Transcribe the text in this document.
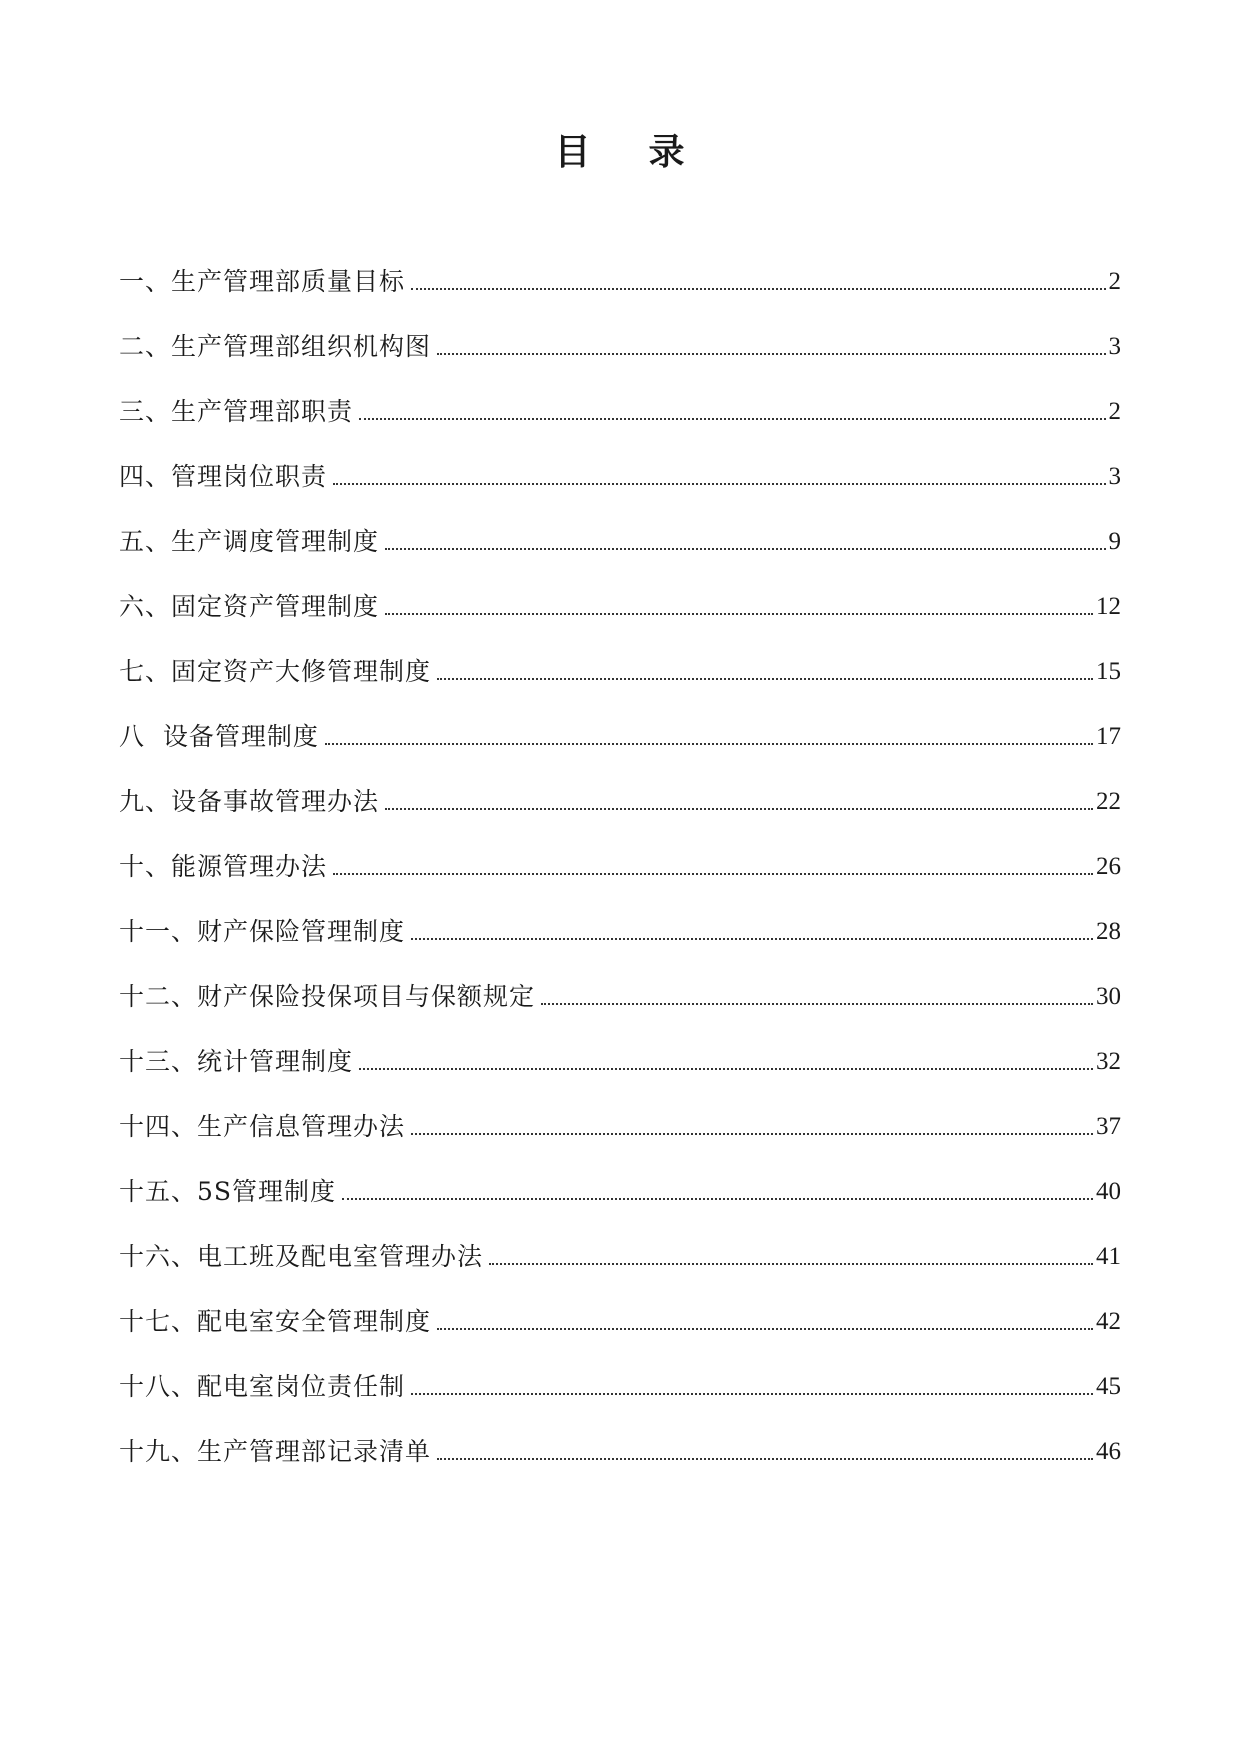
目 录
一、生产管理部质量目标	2
二、生产管理部组织机构图	3
三、生产管理部职责	2
四、管理岗位职责	3
五、生产调度管理制度	9
六、固定资产管理制度	12
七、固定资产大修管理制度	15
八  设备管理制度	17
九、设备事故管理办法	22
十、能源管理办法	26
十一、财产保险管理制度	28
十二、财产保险投保项目与保额规定	30
十三、统计管理制度	32
十四、生产信息管理办法	37
十五、5S管理制度	40
十六、电工班及配电室管理办法	41
十七、配电室安全管理制度	42
十八、配电室岗位责任制	45
十九、生产管理部记录清单	46
